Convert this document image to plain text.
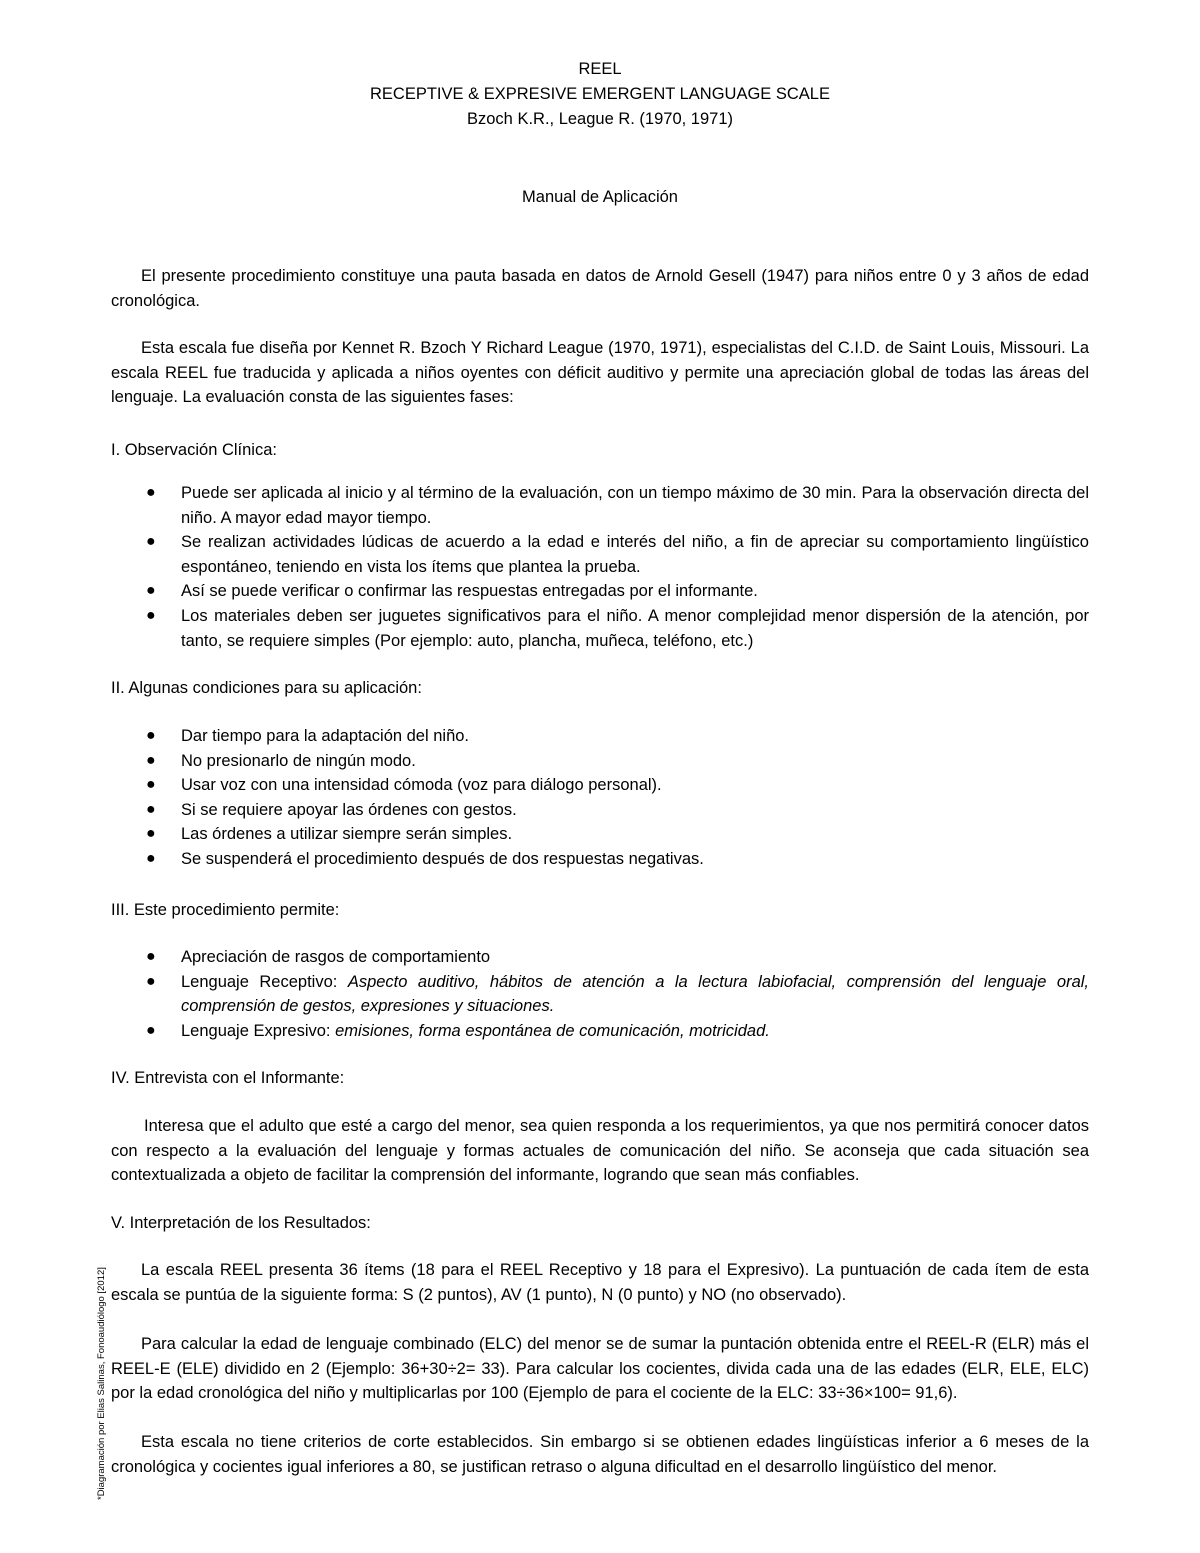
REEL
RECEPTIVE & EXPRESIVE EMERGENT LANGUAGE SCALE
Bzoch K.R., League R. (1970, 1971)
Manual de Aplicación

El presente procedimiento constituye una pauta basada en datos de Arnold Gesell (1947) para niños entre 0 y 3 años de edad cronológica.

Esta escala fue diseña por Kennet R. Bzoch Y Richard League (1970, 1971), especialistas del C.I.D. de Saint Louis, Missouri. La escala REEL fue traducida y aplicada a niños oyentes con déficit auditivo y permite una apreciación global de todas las áreas del lenguaje. La evaluación consta de las siguientes fases:

I. Observación Clínica:

● Puede ser aplicada al inicio y al término de la evaluación, con un tiempo máximo de 30 min. Para la observación directa del niño. A mayor edad mayor tiempo.
● Se realizan actividades lúdicas de acuerdo a la edad e interés del niño, a fin de apreciar su comportamiento lingüístico espontáneo, teniendo en vista los ítems que plantea la prueba.
● Así se puede verificar o confirmar las respuestas entregadas por el informante.
● Los materiales deben ser juguetes significativos para el niño. A menor complejidad menor dispersión de la atención, por tanto, se requiere simples (Por ejemplo: auto, plancha, muñeca, teléfono, etc.)

II. Algunas condiciones para su aplicación:

● Dar tiempo para la adaptación del niño.
● No presionarlo de ningún modo.
● Usar voz con una intensidad cómoda (voz para diálogo personal).
● Si se requiere apoyar las órdenes con gestos.
● Las órdenes a utilizar siempre serán simples.
● Se suspenderá el procedimiento después de dos respuestas negativas.

III. Este procedimiento permite:

● Apreciación de rasgos de comportamiento
● Lenguaje Receptivo: Aspecto auditivo, hábitos de atención a la lectura labiofacial, comprensión del lenguaje oral, comprensión de gestos, expresiones y situaciones.
● Lenguaje Expresivo: emisiones, forma espontánea de comunicación, motricidad.

IV. Entrevista con el Informante:

Interesa que el adulto que esté a cargo del menor, sea quien responda a los requerimientos, ya que nos permitirá conocer datos con respecto a la evaluación del lenguaje y formas actuales de comunicación del niño. Se aconseja que cada situación sea contextualizada a objeto de facilitar la comprensión del informante, logrando que sean más confiables.

V. Interpretación de los Resultados:

La escala REEL presenta 36 ítems (18 para el REEL Receptivo y 18 para el Expresivo). La puntuación de cada ítem de esta escala se puntúa de la siguiente forma: S (2 puntos), AV (1 punto), N (0 punto) y NO (no observado).

Para calcular la edad de lenguaje combinado (ELC) del menor se de sumar la puntación obtenida entre el REEL-R (ELR) más el REEL-E (ELE) dividido en 2 (Ejemplo: 36+30÷2= 33). Para calcular los cocientes, divida cada una de las edades (ELR, ELE, ELC) por la edad cronológica del niño y multiplicarlas por 100 (Ejemplo de para el cociente de la ELC: 33÷36×100= 91,6).

Esta escala no tiene criterios de corte establecidos. Sin embargo si se obtienen edades lingüísticas inferior a 6 meses de la cronológica y cocientes igual inferiores a 80, se justifican retraso o alguna dificultad en el desarrollo lingüístico del menor.

*Diagramación por Elias Salinas, Fonoaudiólogo [2012]
